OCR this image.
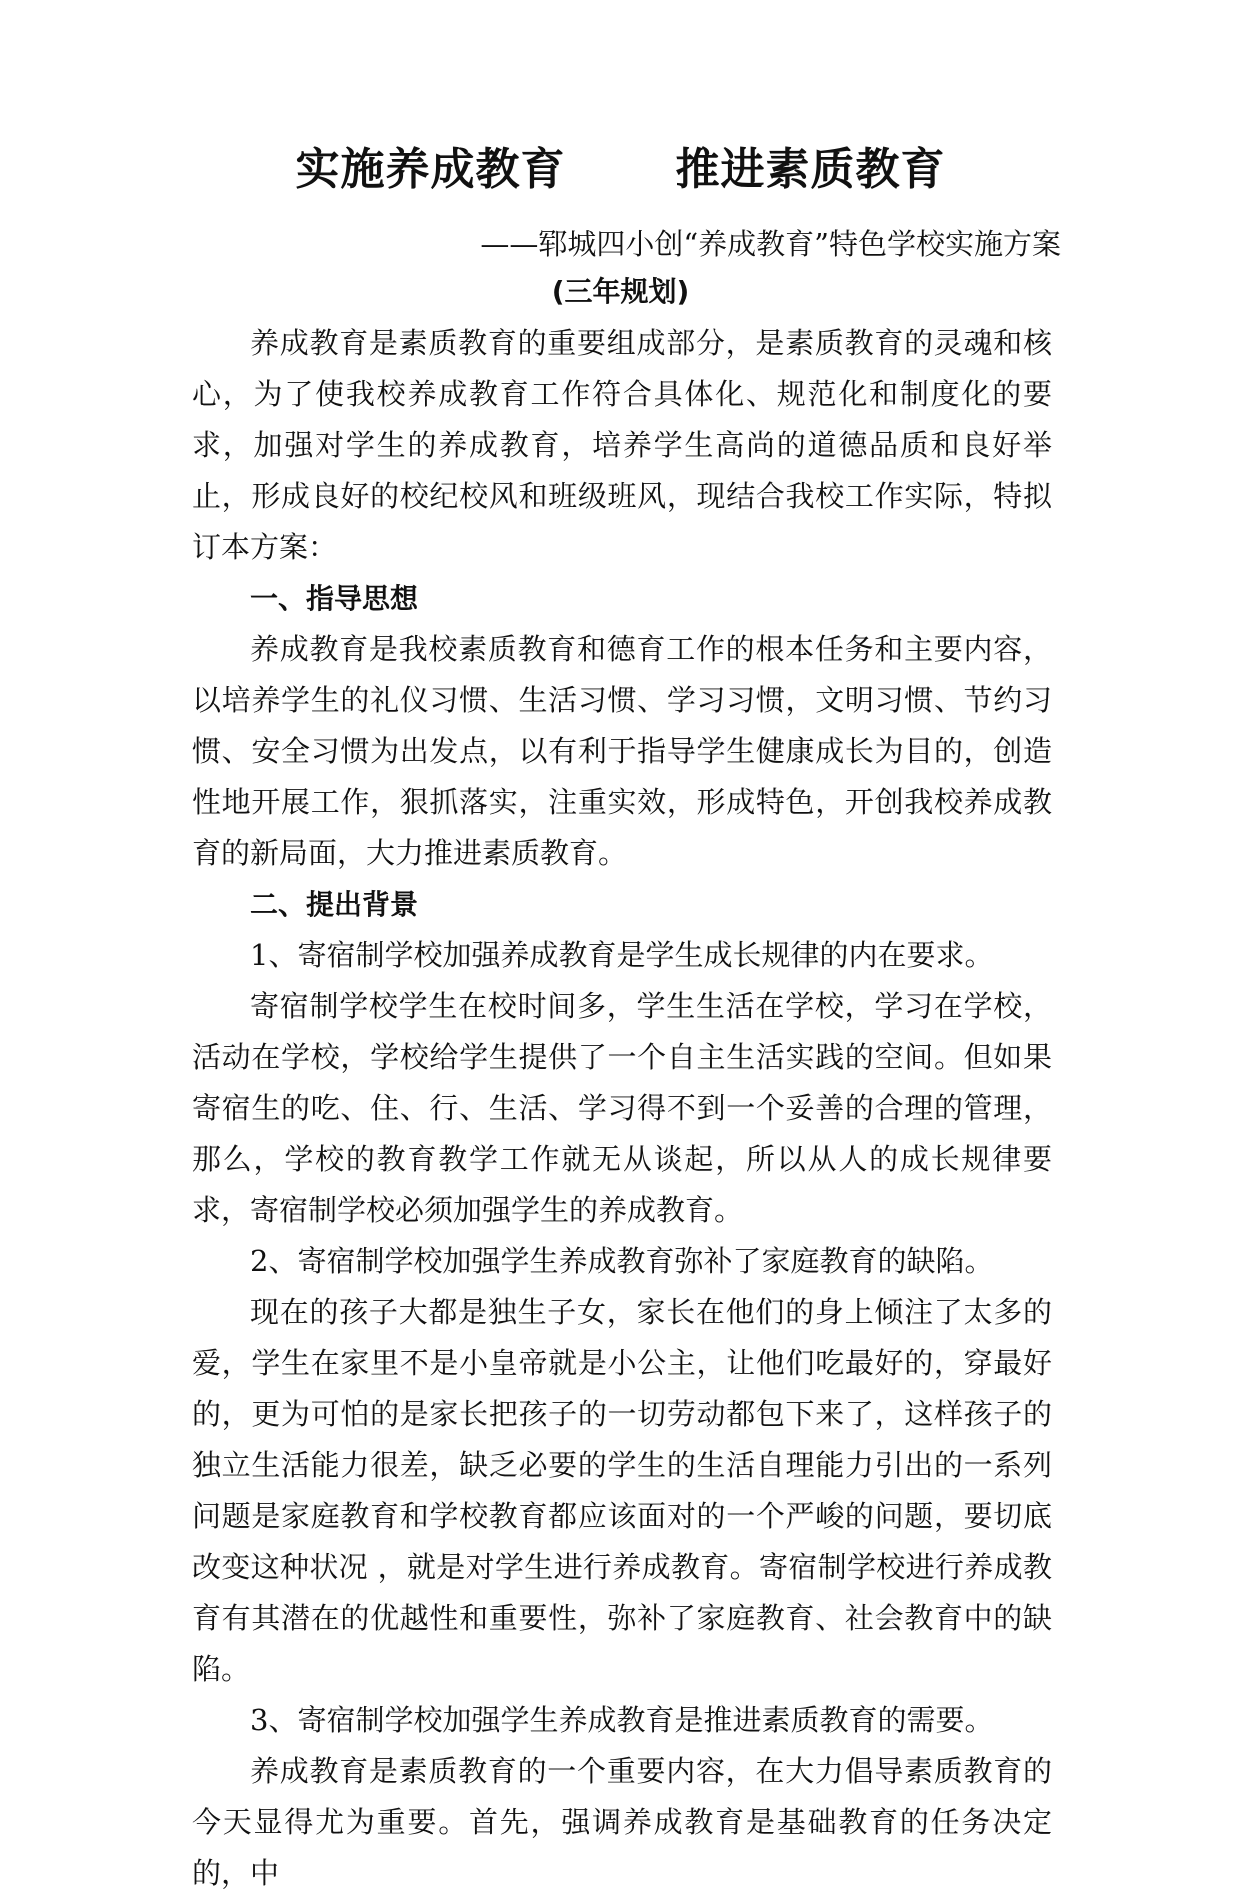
实施养成教育	推进素质教育
——郓城四小创“养成教育”特色学校实施方案
(三年规划)

养成教育是素质教育的重要组成部分，是素质教育的灵魂和核心，为了使我校养成教育工作符合具体化、规范化和制度化的要求，加强对学生的养成教育，培养学生高尚的道德品质和良好举止，形成良好的校纪校风和班级班风，现结合我校工作实际，特拟订本方案：

一、指导思想

养成教育是我校素质教育和德育工作的根本任务和主要内容，以培养学生的礼仪习惯、生活习惯、学习习惯，文明习惯、节约习惯、安全习惯为出发点，以有利于指导学生健康成长为目的，创造性地开展工作，狠抓落实，注重实效，形成特色，开创我校养成教育的新局面，大力推进素质教育。

二、提出背景

1、寄宿制学校加强养成教育是学生成长规律的内在要求。

寄宿制学校学生在校时间多，学生生活在学校，学习在学校，活动在学校，学校给学生提供了一个自主生活实践的空间。但如果寄宿生的吃、住、行、生活、学习得不到一个妥善的合理的管理，那么，学校的教育教学工作就无从谈起，所以从人的成长规律要求，寄宿制学校必须加强学生的养成教育。

2、寄宿制学校加强学生养成教育弥补了家庭教育的缺陷。

现在的孩子大都是独生子女，家长在他们的身上倾注了太多的爱，学生在家里不是小皇帝就是小公主，让他们吃最好的，穿最好的，更为可怕的是家长把孩子的一切劳动都包下来了，这样孩子的独立生活能力很差，缺乏必要的学生的生活自理能力引出的一系列问题是家庭教育和学校教育都应该面对的一个严峻的问题，要切底改变这种状况 ，就是对学生进行养成教育。寄宿制学校进行养成教育有其潜在的优越性和重要性，弥补了家庭教育、社会教育中的缺陷。

3、寄宿制学校加强学生养成教育是推进素质教育的需要。

养成教育是素质教育的一个重要内容，在大力倡导素质教育的今天显得尤为重要。首先，强调养成教育是基础教育的任务决定的，中
